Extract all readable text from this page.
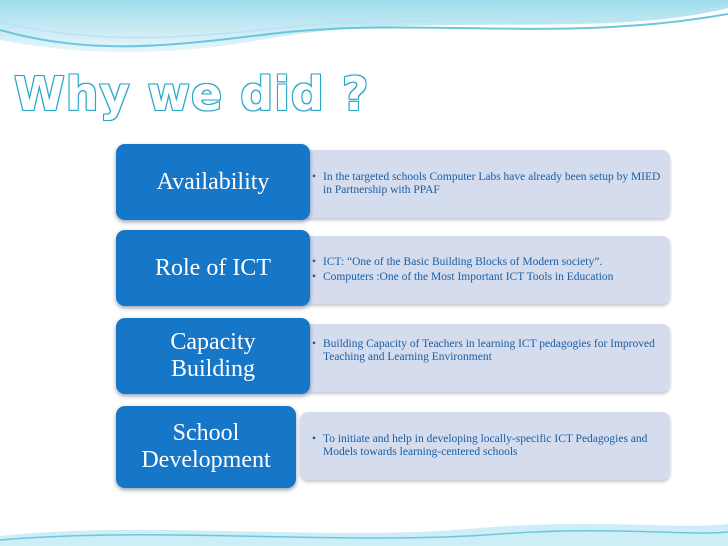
Why we did ?
• In the targeted schools Computer Labs have already been setup by MIED in Partnership with PPAF
Availability
• ICT: “One of the Basic Building Blocks of Modern society”.
• Computers :One of the Most Important ICT Tools in Education
Role of ICT
• Building Capacity of Teachers in learning ICT pedagogies for Improved Teaching and Learning Environment
Capacity Building
• To initiate and help in developing locally-specific ICT Pedagogies and Models towards learning-centered schools
School Development
